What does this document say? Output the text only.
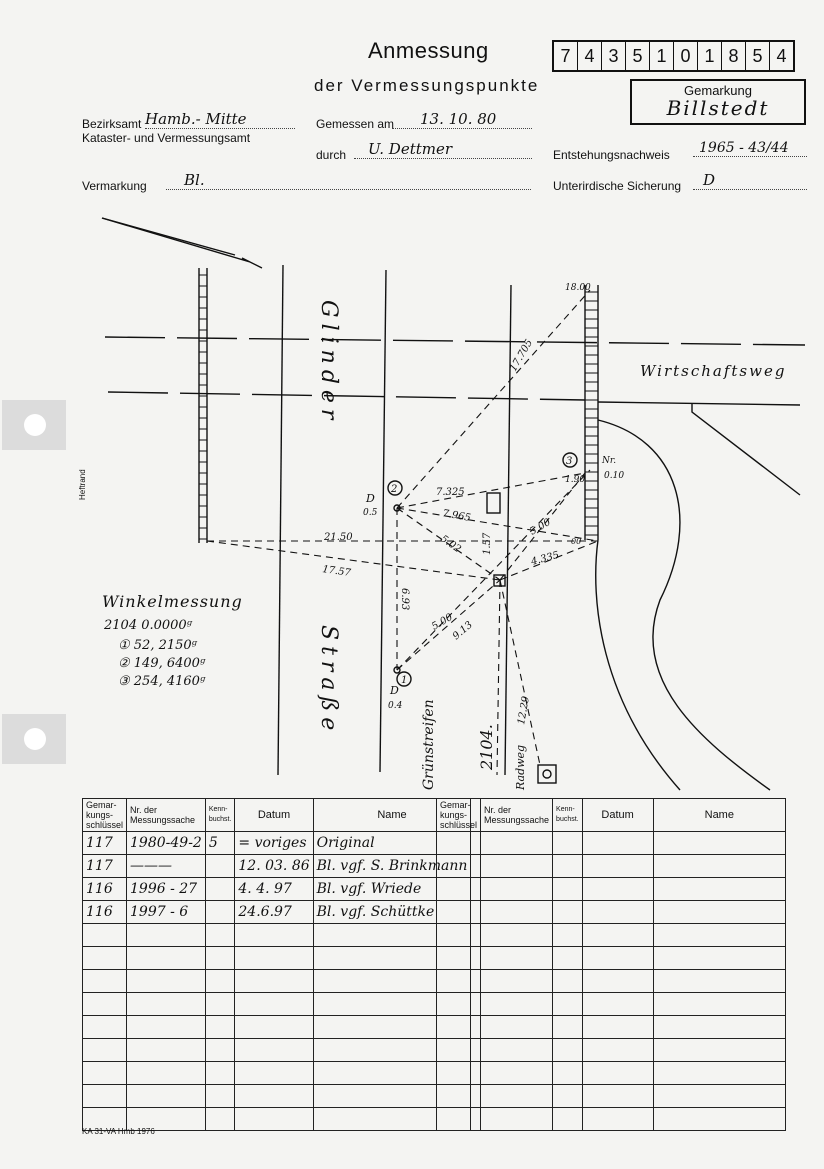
Heftrand
Anmessung
der Vermessungspunkte
7 4 3 5 1 0 1 8 5 4
Gemarkung
Billstedt
Bezirksamt Hamb.- Mitte
Kataster- und Vermessungsamt
Gemessen am	13. 10. 80
durch	U. Dettmer	Entstehungsnachweis	1965 - 43/44
Vermarkung	Bl.	Unterirdische Sicherung	D
Glinder
Straße
Wirtschaftsweg
Grünstreifen	Radweg
2104.
18.00
17.705
Nr.
1.90 0.10
7.325
7.965
21.50
17.57
5.02 1.57
5.00
4.335
00
6.93
5.00
9.13
12.29
D
0.5
D
0.4
2
1
3
Winkelmessung
2104 0.0000ᵍ
① 52, 2150ᵍ
② 149, 6400ᵍ
③ 254, 4160ᵍ
Gemar-kungs-schlüssel	Nr. der Messungssache	Kenn-buchst.	Datum	Name
117	1980-49-2	5	= voriges	Original
117	———		12. 03. 86	Bl. vgf. S. Brinkmann
116	1996 - 27		4. 4. 97	Bl. vgf. Wriede
116	1997 - 6		24.6.97	Bl. vgf. Schüttke

Gemar-kungs-schlüssel	Nr. der Messungssache	Kenn-buchst.	Datum	Name

KA 31-VA Hmb 1976
